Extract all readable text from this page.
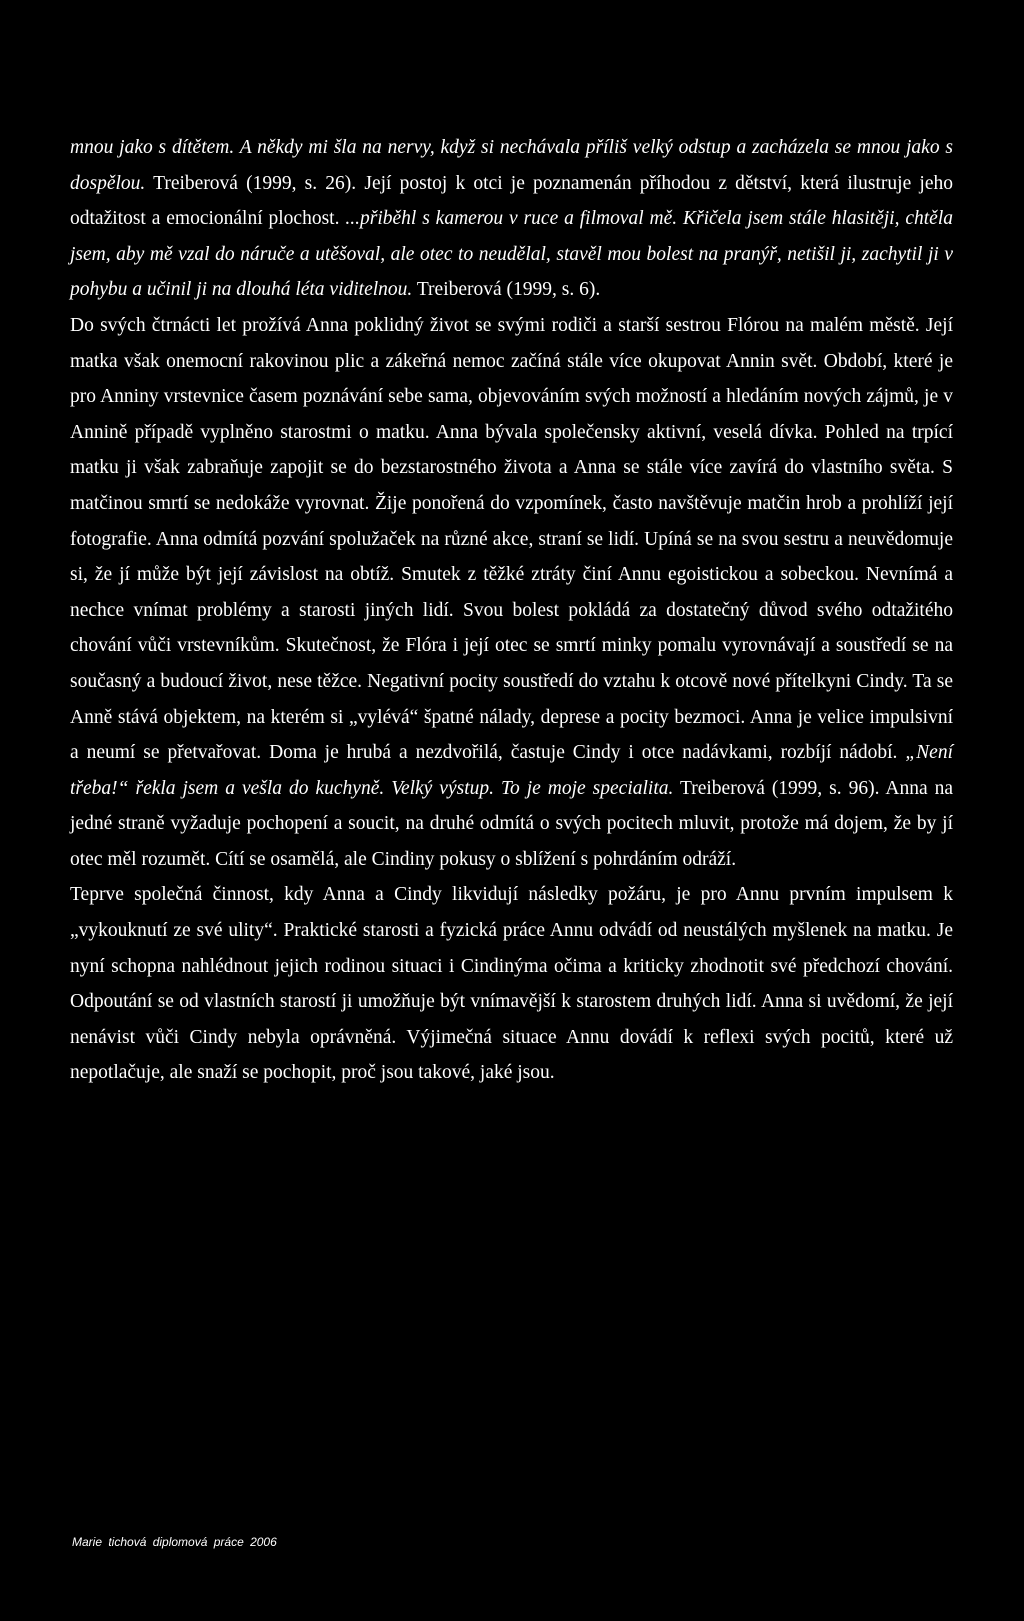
mnou jako s dítětem. A někdy mi šla na nervy, když si nechávala příliš velký odstup a zacházela se mnou jako s dospělou. Treiberová (1999, s. 26). Její postoj k otci je poznamenán příhodou z dětství, která ilustruje jeho odtažitost a emocionální plochost. ...přiběhl s kamerou v ruce a filmoval mě. Křičela jsem stále hlasitěji, chtěla jsem, aby mě vzal do náruče a utěšoval, ale otec to neudělal, stavěl mou bolest na pranýř, netišil ji, zachytil ji v pohybu a učinil ji na dlouhá léta viditelnou. Treiberová (1999, s. 6).

Do svých čtrnácti let prožívá Anna poklidný život se svými rodiči a starší sestrou Flórou na malém městě. Její matka však onemocní rakovinou plic a zákeřná nemoc začíná stále více okupovat Annin svět. Období, které je pro Anniny vrstevnice časem poznávání sebe sama, objevováním svých možností a hledáním nových zájmů, je v Annině případě vyplněno starostmi o matku. Anna bývala společensky aktivní, veselá dívka. Pohled na trpící matku ji však zabraňuje zapojit se do bezstarostného života a Anna se stále více zavírá do vlastního světa. S matčinou smrtí se nedokáže vyrovnat. Žije ponořená do vzpomínek, často navštěvuje matčin hrob a prohlíží její fotografie. Anna odmítá pozvání spolužaček na různé akce, straní se lidí. Upíná se na svou sestru a neuvědomuje si, že jí může být její závislost na obtíž. Smutek z těžké ztráty činí Annu egoistickou a sobeckou. Nevnímá a nechce vnímat problémy a starosti jiných lidí. Svou bolest pokládá za dostatečný důvod svého odtažitého chování vůči vrstevníkům. Skutečnost, že Flóra i její otec se smrtí minky pomalu vyrovnávají a soustředí se na současný a budoucí život, nese těžce. Negativní pocity soustředí do vztahu k otcově nové přítelkyni Cindy. Ta se Anně stává objektem, na kterém si „vylévá“ špatné nálady, deprese a pocity bezmoci. Anna je velice impulsivní a neumí se přetvařovat. Doma je hrubá a nezdvořilá, častuje Cindy i otce nadávkami, rozbíjí nádobí. „Není třeba!“ řekla jsem a vešla do kuchyně. Velký výstup. To je moje specialita. Treiberová (1999, s. 96). Anna na jedné straně vyžaduje pochopení a soucit, na druhé odmítá o svých pocitech mluvit, protože má dojem, že by jí otec měl rozumět. Cítí se osamělá, ale Cindiny pokusy o sblížení s pohrdáním odráží.

Teprve společná činnost, kdy Anna a Cindy likvidují následky požáru, je pro Annu prvním impulsem k „vykouknutí ze své ulity“. Praktické starosti a fyzická práce Annu odvádí od neustálých myšlenek na matku. Je nyní schopna nahlédnout jejich rodinou situaci i Cindinýma očima a kriticky zhodnotit své předchozí chování. Odpoutání se od vlastních starostí ji umožňuje být vnímavější k starostem druhých lidí. Anna si uvědomí, že její nenávist vůči Cindy nebyla oprávněná. Výjimečná situace Annu dovádí k reflexi svých pocitů, které už nepotlačuje, ale snaží se pochopit, proč jsou takové, jaké jsou.

Marie tichová diplomová práce 2006
